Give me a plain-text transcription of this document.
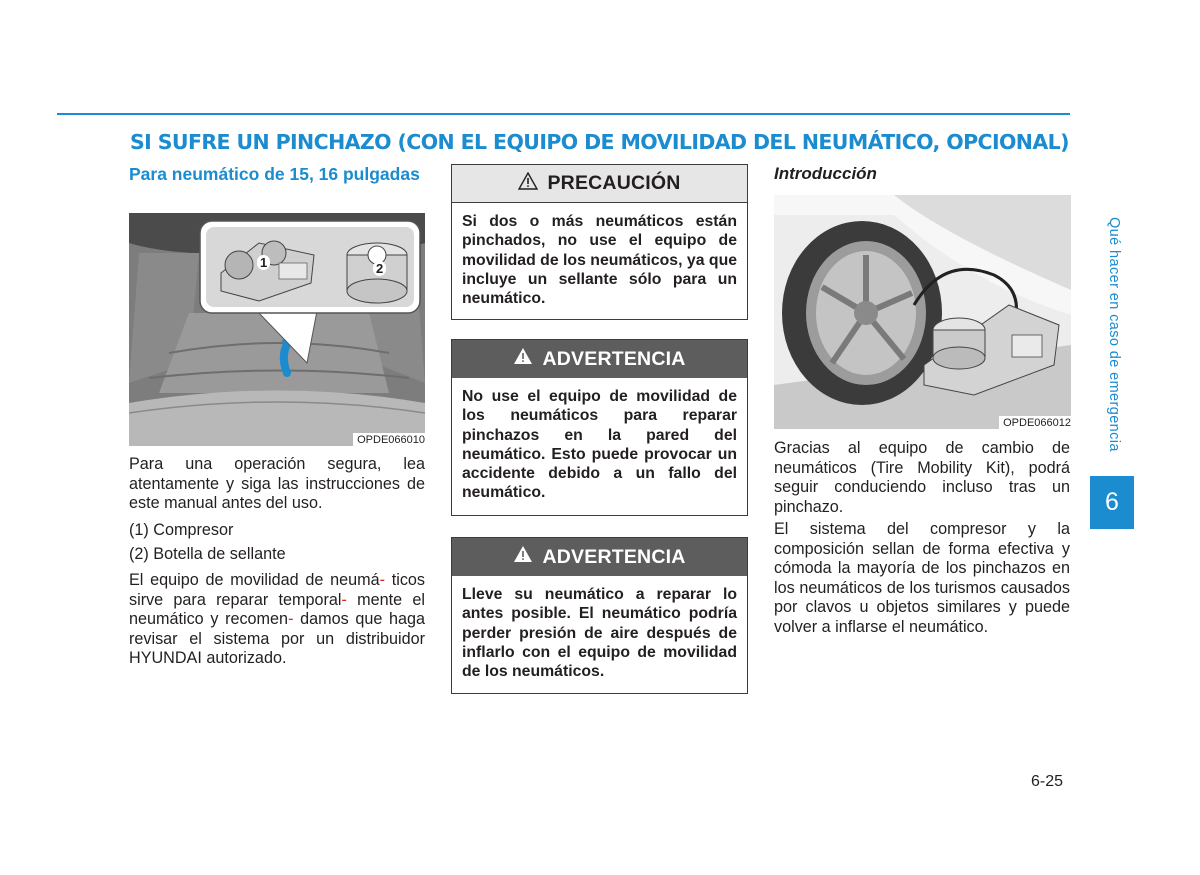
SI SUFRE UN PINCHAZO (CON EL EQUIPO DE MOVILIDAD DEL NEUMÁTICO, OPCIONAL)
Para neumático de 15, 16 pulgadas
1	2
OPDE066010
Para una operación segura, lea atentamente y siga las instrucciones de este manual antes del uso.
(1) Compresor
(2) Botella de sellante
El equipo de movilidad de neumá- ticos sirve para reparar temporal- mente el neumático y recomen- damos que haga revisar el sistema por un distribuidor HYUNDAI autorizado.
PRECAUCIÓN
Si dos o más neumáticos están pinchados, no use el equipo de movilidad de los neumáticos, ya que incluye un sellante sólo para un neumático.
ADVERTENCIA
No use el equipo de movilidad de los neumáticos para reparar pinchazos en la pared del neumático. Esto puede provocar un accidente debido a un fallo del neumático.
ADVERTENCIA
Lleve su neumático a reparar lo antes posible. El neumático podría perder presión de aire después de inflarlo con el equipo de movilidad de los neumáticos.
Introducción
OPDE066012
Gracias al equipo de cambio de neumáticos (Tire Mobility Kit), podrá seguir conduciendo incluso tras un pinchazo.
El sistema del compresor y la composición sellan de forma efectiva y cómoda la mayoría de los pinchazos en los neumáticos de los turismos causados por clavos u objetos similares y puede volver a inflarse el neumático.
Qué hacer en caso de emergencia
6
6-25
